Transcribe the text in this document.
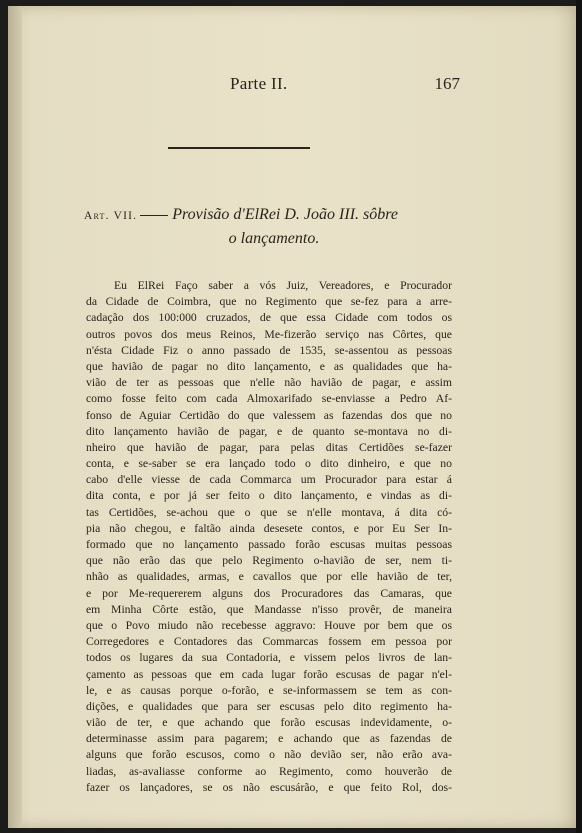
Parte II.	167
Art. VII. Provisão d'ElRei D. João III. sôbre
o lançamento.
Eu ElRei Faço saber a vós Juiz, Vereadores, e Procurador
da Cidade de Coimbra, que no Regimento que se-fez para a arre-
cadação dos 100:000 cruzados, de que essa Cidade com todos os
outros povos dos meus Reinos, Me-fizerão serviço nas Côrtes, que
n'ésta Cidade Fiz o anno passado de 1535, se-assentou as pessoas
que havião de pagar no dito lançamento, e as qualidades que ha-
vião de ter as pessoas que n'elle não havião de pagar, e assim
como fosse feito com cada Almoxarifado se-enviasse a Pedro Af-
fonso de Aguiar Certidão do que valessem as fazendas dos que no
dito lançamento havião de pagar, e de quanto se-montava no di-
nheiro que havião de pagar, para pelas ditas Certidões se-fazer
conta, e se-saber se era lançado todo o dito dinheiro, e que no
cabo d'elle viesse de cada Commarca um Procurador para estar á
dita conta, e por já ser feito o dito lançamento, e vindas as di-
tas Certidões, se-achou que o que se n'elle montava, á dita có-
pia não chegou, e faltão ainda desesete contos, e por Eu Ser In-
formado que no lançamento passado forão escusas muitas pessoas
que não erão das que pelo Regimento o-havião de ser, nem ti-
nhão as qualidades, armas, e cavallos que por elle havião de ter,
e por Me-requererem alguns dos Procuradores das Camaras, que
em Minha Côrte estão, que Mandasse n'isso provêr, de maneira
que o Povo miudo não recebesse aggravo: Houve por bem que os
Corregedores e Contadores das Commarcas fossem em pessoa por
todos os lugares da sua Contadoria, e vissem pelos livros de lan-
çamento as pessoas que em cada lugar forão escusas de pagar n'el-
le, e as causas porque o-forão, e se-informassem se tem as con-
dições, e qualidades que para ser escusas pelo dito regimento ha-
vião de ter, e que achando que forão escusas indevidamente, o-
determinasse assim para pagarem; e achando que as fazendas de
alguns que forão escusos, como o não devião ser, não erão ava-
liadas, as-avaliasse conforme ao Regimento, como houverão de
fazer os lançadores, se os não escusárão, e que feito Rol, dos-
